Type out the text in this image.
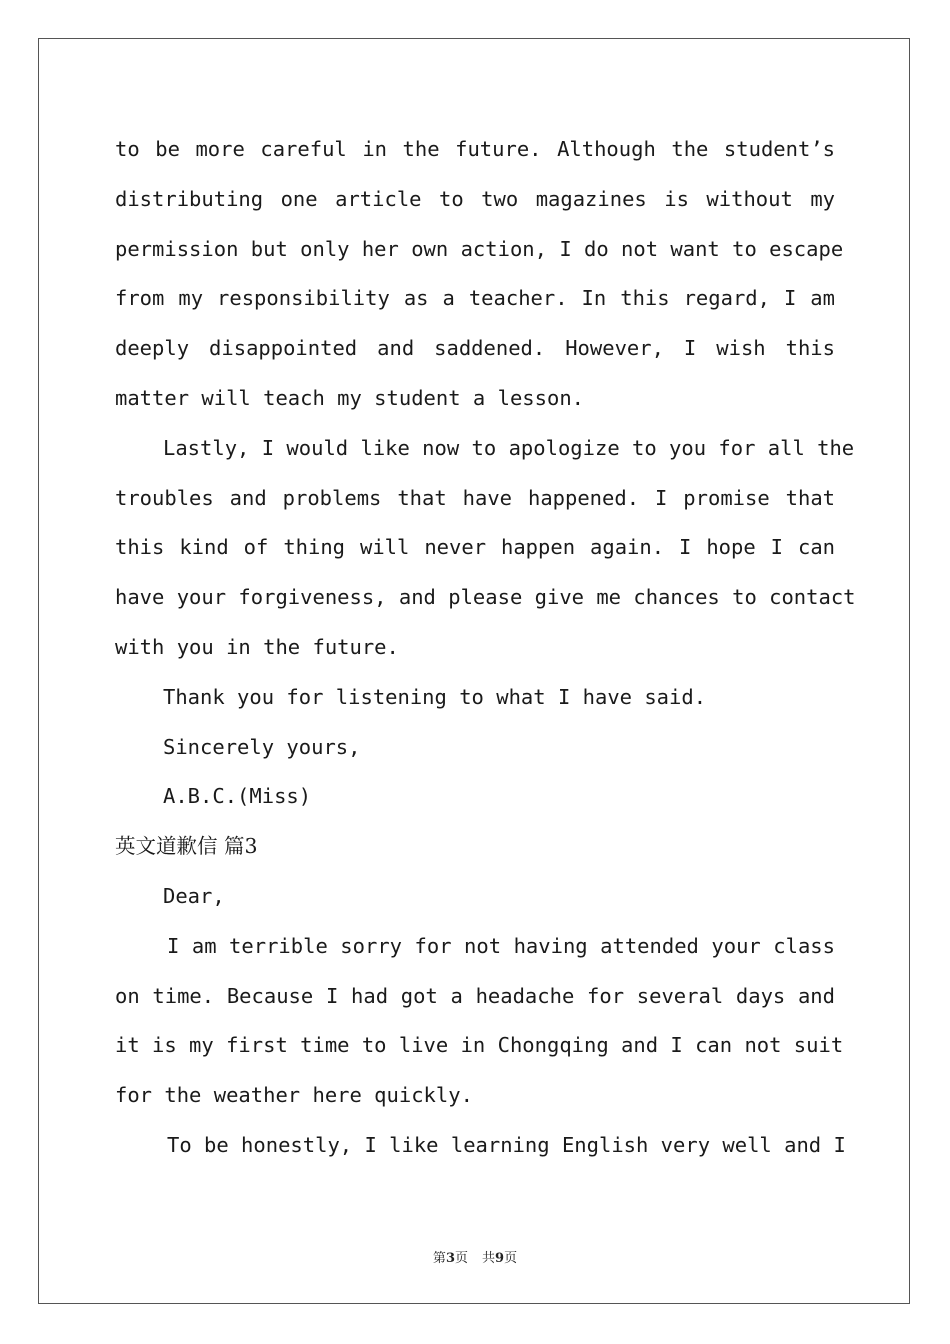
to be more careful in the future. Although the student’s
distributing one article to two magazines is without my
permission but only her own action, I do not want to escape
from my responsibility as a teacher. In this regard, I am
deeply disappointed and saddened. However, I wish this
matter will teach my student a lesson.
Lastly, I would like now to apologize to you for all the
troubles and problems that have happened. I promise that
this kind of thing will never happen again. I hope I can
have your forgiveness, and please give me chances to contact
with you in the future.
Thank you for listening to what I have said.
Sincerely yours,
A.B.C.(Miss)
英文道歉信 篇3
Dear,
I am terrible sorry for not having attended your class
on time. Because I had got a headache for several days and
it is my first time to live in Chongqing and I can not suit
for the weather here quickly.
To be honestly, I like learning English very well and I
第3页 共9页
